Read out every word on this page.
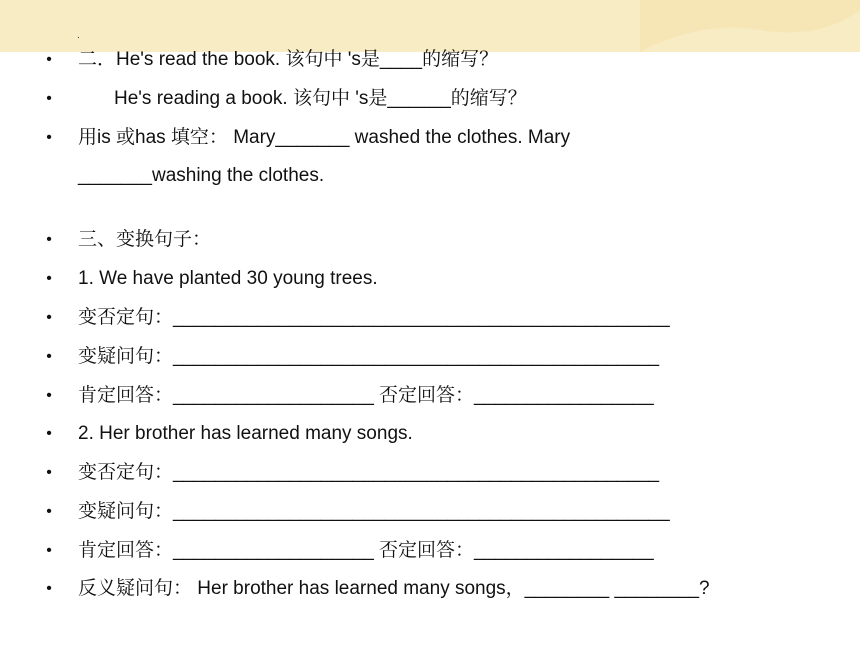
.
• 二．He's read the book. 该句中 's是____的缩写？
•	He's reading a book. 该句中 's是______的缩写？
• 用is 或has 填空： Mary_______ washed the clothes. Mary
_______washing the clothes.
• 三、变换句子：
• 1. We have planted 30 young trees.
• 变否定句：_______________________________________________
• 变疑问句：______________________________________________
• 肯定回答：___________________ 否定回答：_________________
• 2. Her brother has learned many songs.
• 变否定句：______________________________________________
• 变疑问句：_______________________________________________
• 肯定回答：___________________ 否定回答：_________________
• 反义疑问句： Her brother has learned many songs，________ ________?
